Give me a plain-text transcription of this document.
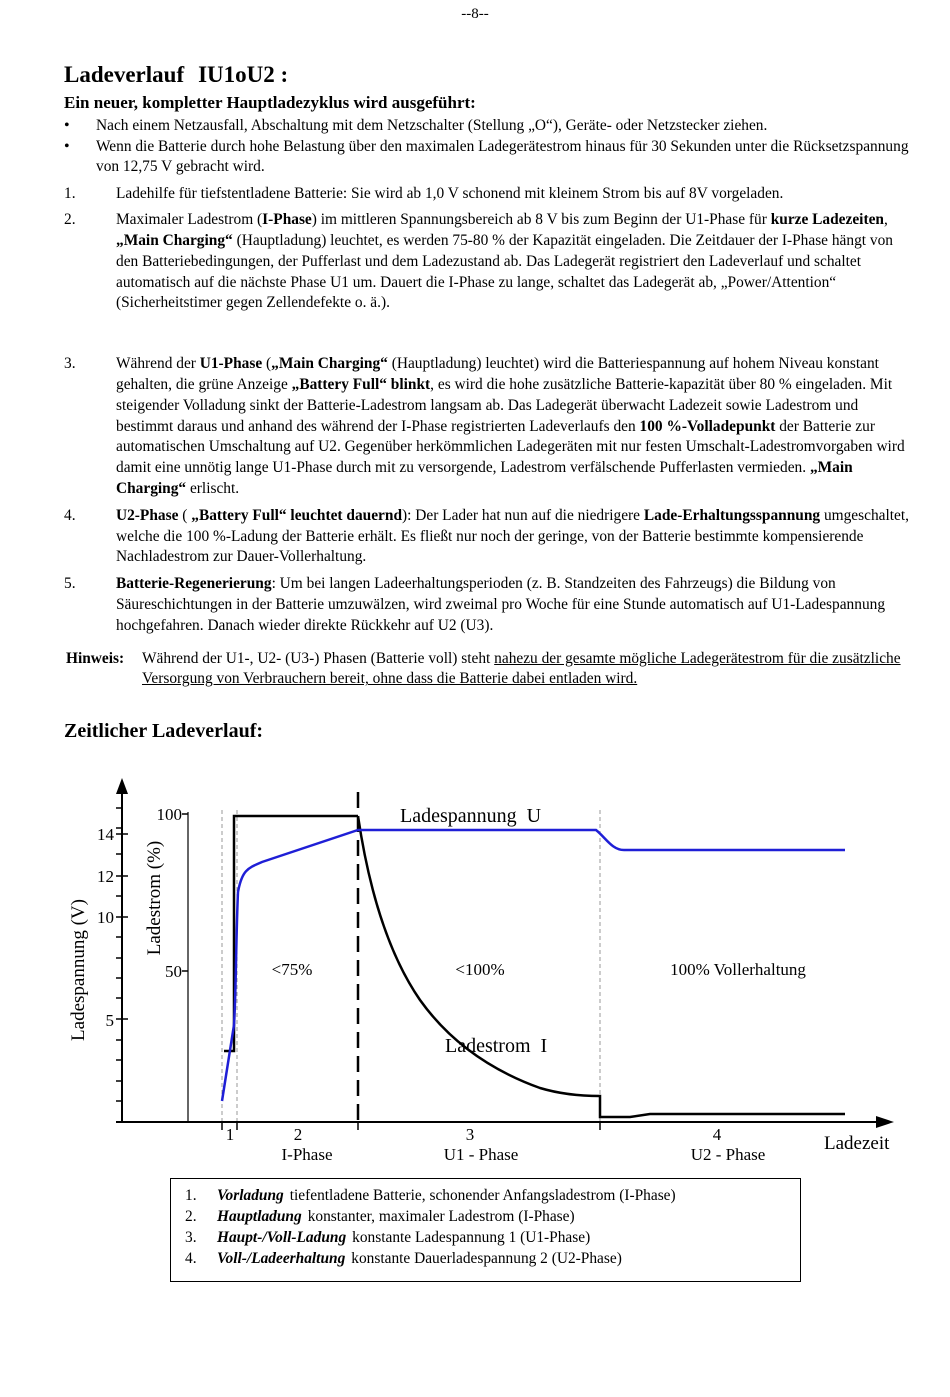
--8--
Ladeverlauf IU1oU2 :
Ein neuer, kompletter Hauptladezyklus wird ausgeführt:
• Nach einem Netzausfall, Abschaltung mit dem Netzschalter (Stellung „O“), Geräte- oder Netzstecker ziehen.
• Wenn die Batterie durch hohe Belastung über den maximalen Ladegerätestrom hinaus für 30 Sekunden unter die Rücksetzspannung von 12,75 V gebracht wird.
1.	Ladehilfe für tiefstentladene Batterie: Sie wird ab 1,0 V schonend mit kleinem Strom bis auf 8V vorgeladen.
2.	Maximaler Ladestrom (I-Phase) im mittleren Spannungsbereich ab 8 V bis zum Beginn der U1-Phase für kurze Ladezeiten, „Main Charging“ (Hauptladung) leuchtet, es werden 75-80 % der Kapazität eingeladen. Die Zeitdauer der I-Phase hängt von den Batteriebedingungen, der Pufferlast und dem Ladezustand ab. Das Ladegerät registriert den Ladeverlauf und schaltet automatisch auf die nächste Phase U1 um. Dauert die I-Phase zu lange, schaltet das Ladegerät ab, „Power/Attention“ (Sicherheitstimer gegen Zellendefekte o. ä.).
3.	Während der U1-Phase („Main Charging“ (Hauptladung) leuchtet) wird die Batteriespannung auf hohem Niveau konstant gehalten, die grüne Anzeige „Battery Full“ blinkt, es wird die hohe zusätzliche Batterie-kapazität über 80 % eingeladen. Mit steigender Volladung sinkt der Batterie-Ladestrom langsam ab. Das Ladegerät überwacht Ladezeit sowie Ladestrom und bestimmt daraus und anhand des während der I-Phase registrierten Ladeverlaufs den 100 %-Volladepunkt der Batterie zur automatischen Umschaltung auf U2. Gegenüber herkömmlichen Ladegeräten mit nur festen Umschalt-Ladestromvorgaben wird damit eine unnötig lange U1-Phase durch mit zu versorgende, Ladestrom verfälschende Pufferlasten vermieden. „Main Charging“ erlischt.
4.	U2-Phase ( „Battery Full“ leuchtet dauernd): Der Lader hat nun auf die niedrigere Lade-Erhaltungsspannung umgeschaltet, welche die 100 %-Ladung der Batterie erhält. Es fließt nur noch der geringe, von der Batterie bestimmte kompensierende Nachladestrom zur Dauer-Vollerhaltung.
5.	Batterie-Regenerierung: Um bei langen Ladeerhaltungsperioden (z. B. Standzeiten des Fahrzeugs) die Bildung von Säureschichtungen in der Batterie umzuwälzen, wird zweimal pro Woche für eine Stunde automatisch auf U1-Ladespannung hochgefahren. Danach wieder direkte Rückkehr auf U2 (U3).
Hinweis: Während der U1-, U2- (U3-) Phasen (Batterie voll) steht nahezu der gesamte mögliche Ladegerätestrom für die zusätzliche Versorgung von Verbrauchern bereit, ohne dass die Batterie dabei entladen wird.
Zeitlicher Ladeverlauf:
14
12
10
5
100
50
Ladespannung (V)
Ladestrom (%)
Ladezeit
Ladespannung  U
Ladestrom  I
<75%	<100%	100% Vollerhaltung
1	2	3	4
I-Phase	U1 - Phase	U2 - Phase
1. Vorladung tiefentladene Batterie, schonender Anfangsladestrom (I-Phase)
2. Hauptladung konstanter, maximaler Ladestrom (I-Phase)
3. Haupt-/Voll-Ladung konstante Ladespannung 1 (U1-Phase)
4. Voll-/Ladeerhaltung konstante Dauerladespannung 2 (U2-Phase)
